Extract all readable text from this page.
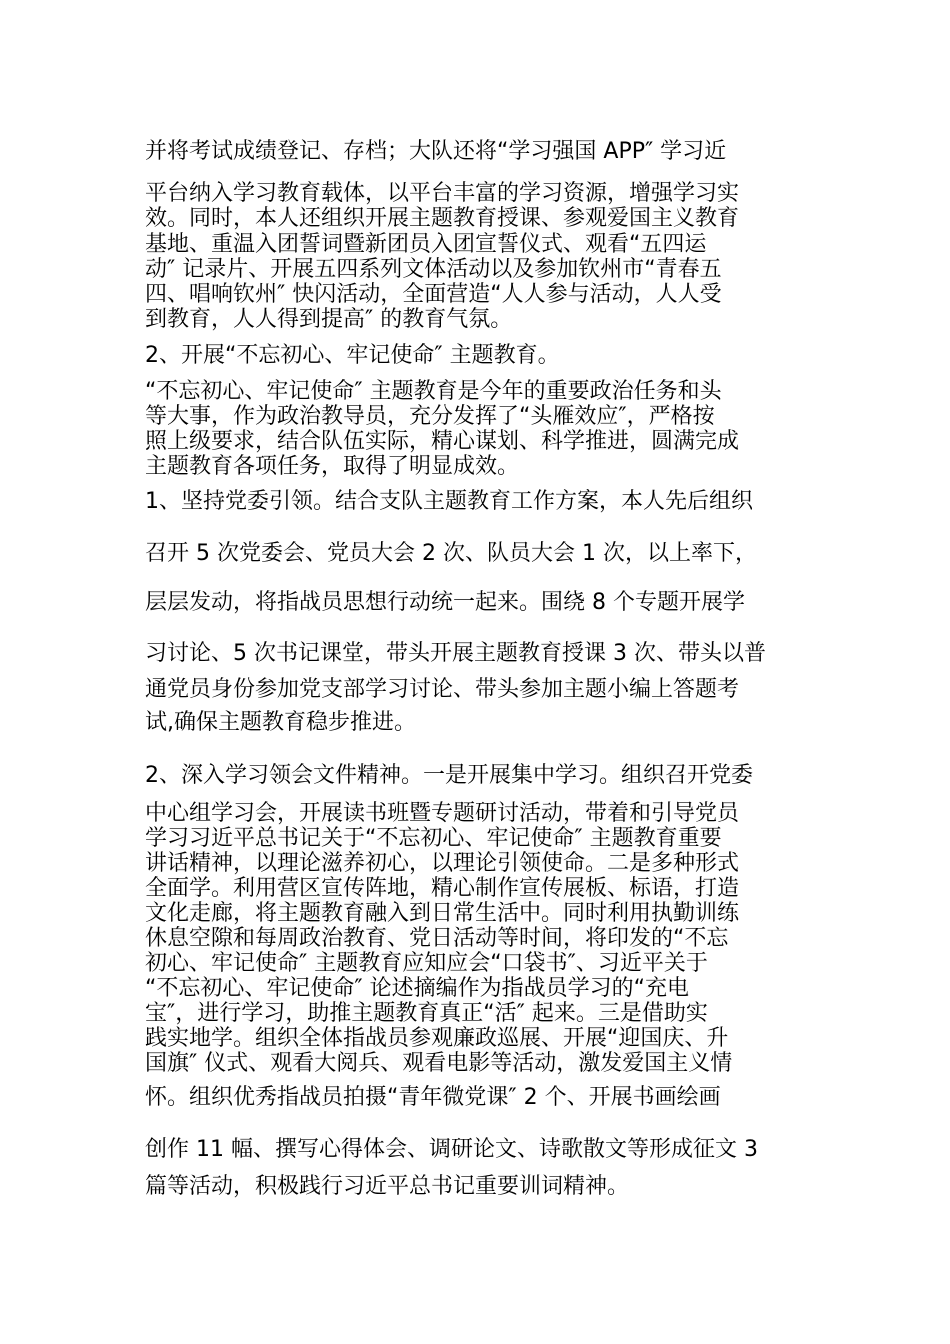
并将考试成绩登记、存档；大队还将“学习强国 APP″ 学习近
平台纳入学习教育载体，以平台丰富的学习资源，增强学习实
效。同时，本人还组织开展主题教育授课、参观爱国主义教育
基地、重温入团誓词暨新团员入团宣誓仪式、观看“五四运
动″ 记录片、开展五四系列文体活动以及参加钦州市“青春五
四、唱响钦州″ 快闪活动，全面营造“人人参与活动，人人受
到教育，人人得到提高″ 的教育气氛。
2、开展“不忘初心、牢记使命″ 主题教育。
“不忘初心、牢记使命″ 主题教育是今年的重要政治任务和头
等大事，作为政治教导员，充分发挥了“头雁效应″，严格按
照上级要求，结合队伍实际，精心谋划、科学推进，圆满完成
主题教育各项任务，取得了明显成效。
1、坚持党委引领。结合支队主题教育工作方案，本人先后组织
召开 5 次党委会、党员大会 2 次、队员大会 1 次，以上率下，
层层发动，将指战员思想行动统一起来。围绕 8 个专题开展学
习讨论、5 次书记课堂，带头开展主题教育授课 3 次、带头以普
通党员身份参加党支部学习讨论、带头参加主题小编上答题考
试,确保主题教育稳步推进。
2、深入学习领会文件精神。一是开展集中学习。组织召开党委
中心组学习会，开展读书班暨专题研讨活动，带着和引导党员
学习习近平总书记关于“不忘初心、牢记使命″ 主题教育重要
讲话精神，以理论滋养初心，以理论引领使命。二是多种形式
全面学。利用营区宣传阵地，精心制作宣传展板、标语，打造
文化走廊，将主题教育融入到日常生活中。同时利用执勤训练
休息空隙和每周政治教育、党日活动等时间，将印发的“不忘
初心、牢记使命″ 主题教育应知应会“口袋书″、习近平关于
“不忘初心、牢记使命″ 论述摘编作为指战员学习的“充电
宝″，进行学习，助推主题教育真正“活″ 起来。三是借助实
践实地学。组织全体指战员参观廉政巡展、开展“迎国庆、升
国旗″ 仪式、观看大阅兵、观看电影等活动，激发爱国主义情
怀。组织优秀指战员拍摄“青年微党课″ 2 个、开展书画绘画
创作 11 幅、撰写心得体会、调研论文、诗歌散文等形成征文 3
篇等活动，积极践行习近平总书记重要训词精神。
